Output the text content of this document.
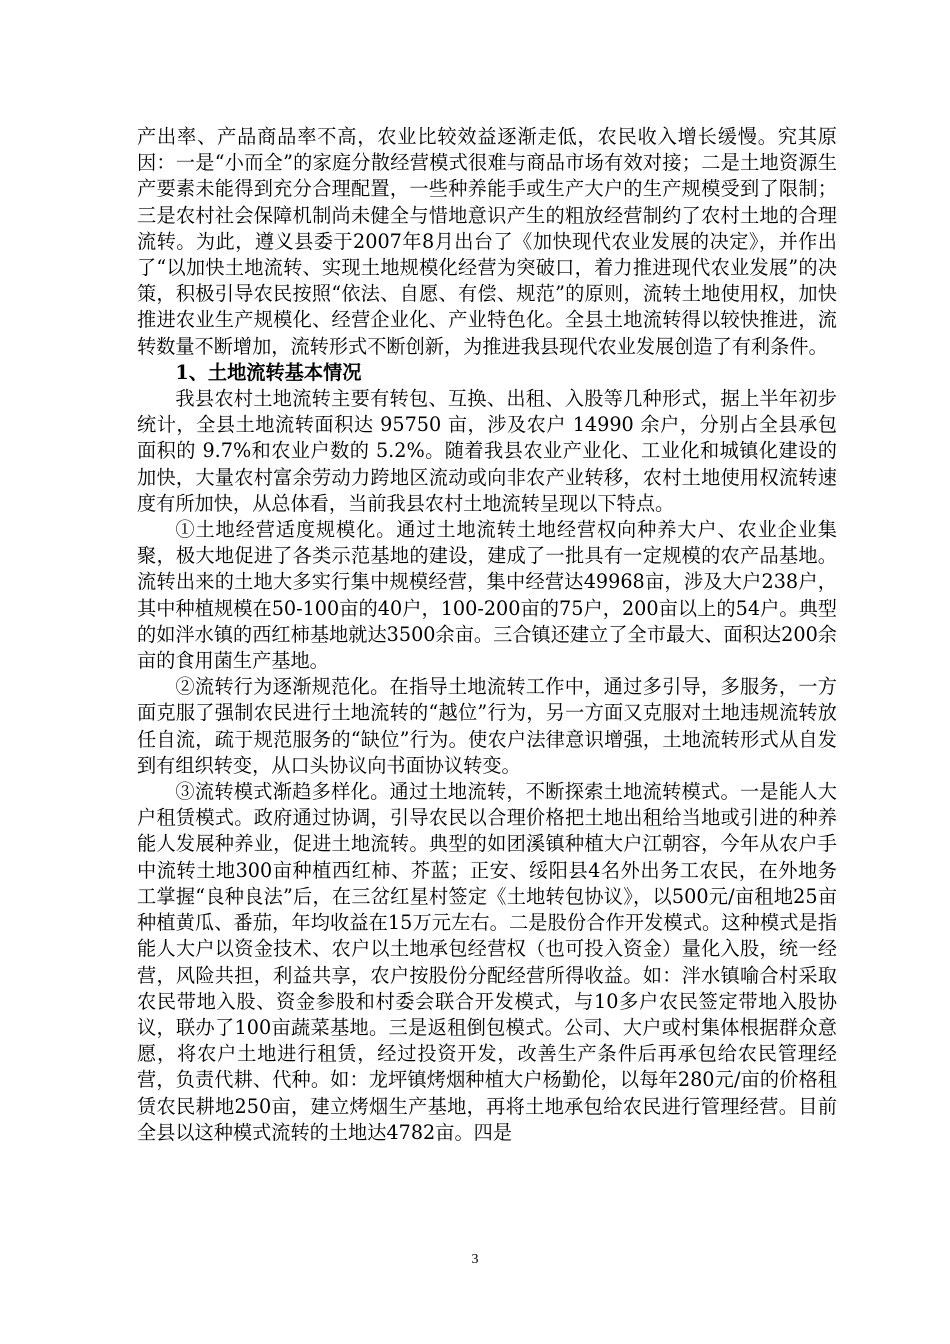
产出率、产品商品率不高，农业比较效益逐渐走低，农民收入增长缓慢。究其原因：一是“小而全”的家庭分散经营模式很难与商品市场有效对接；二是土地资源生产要素未能得到充分合理配置，一些种养能手或生产大户的生产规模受到了限制；三是农村社会保障机制尚未健全与惜地意识产生的粗放经营制约了农村土地的合理流转。为此，遵义县委于2007年8月出台了《加快现代农业发展的决定》，并作出了“以加快土地流转、实现土地规模化经营为突破口，着力推进现代农业发展”的决策，积极引导农民按照“依法、自愿、有偿、规范”的原则，流转土地使用权，加快推进农业生产规模化、经营企业化、产业特色化。全县土地流转得以较快推进，流转数量不断增加，流转形式不断创新，为推进我县现代农业发展创造了有利条件。

1、土地流转基本情况

我县农村土地流转主要有转包、互换、出租、入股等几种形式，据上半年初步统计，全县土地流转面积达 95750 亩，涉及农户 14990 余户，分别占全县承包面积的 9.7%和农业户数的 5.2%。随着我县农业产业化、工业化和城镇化建设的加快，大量农村富余劳动力跨地区流动或向非农产业转移，农村土地使用权流转速度有所加快，从总体看，当前我县农村土地流转呈现以下特点。

①土地经营适度规模化。通过土地流转土地经营权向种养大户、农业企业集聚，极大地促进了各类示范基地的建设，建成了一批具有一定规模的农产品基地。流转出来的土地大多实行集中规模经营，集中经营达49968亩，涉及大户238户，其中种植规模在50-100亩的40户，100-200亩的75户，200亩以上的54户。典型的如泮水镇的西红柿基地就达3500余亩。三合镇还建立了全市最大、面积达200余亩的食用菌生产基地。

②流转行为逐渐规范化。在指导土地流转工作中，通过多引导，多服务，一方面克服了强制农民进行土地流转的“越位”行为，另一方面又克服对土地违规流转放任自流，疏于规范服务的“缺位”行为。使农户法律意识增强，土地流转形式从自发到有组织转变，从口头协议向书面协议转变。

③流转模式渐趋多样化。通过土地流转，不断探索土地流转模式。一是能人大户租赁模式。政府通过协调，引导农民以合理价格把土地出租给当地或引进的种养能人发展种养业，促进土地流转。典型的如团溪镇种植大户江朝容，今年从农户手中流转土地300亩种植西红柿、芥蓝；正安、绥阳县4名外出务工农民，在外地务工掌握“良种良法”后，在三岔红星村签定《土地转包协议》，以500元/亩租地25亩种植黄瓜、番茄，年均收益在15万元左右。二是股份合作开发模式。这种模式是指能人大户以资金技术、农户以土地承包经营权（也可投入资金）量化入股，统一经营，风险共担，利益共享，农户按股份分配经营所得收益。如：泮水镇喻合村采取农民带地入股、资金参股和村委会联合开发模式，与10多户农民签定带地入股协议，联办了100亩蔬菜基地。三是返租倒包模式。公司、大户或村集体根据群众意愿，将农户土地进行租赁，经过投资开发，改善生产条件后再承包给农民管理经营，负责代耕、代种。如：龙坪镇烤烟种植大户杨勤伦，以每年280元/亩的价格租赁农民耕地250亩，建立烤烟生产基地，再将土地承包给农民进行管理经营。目前全县以这种模式流转的土地达4782亩。四是

3
